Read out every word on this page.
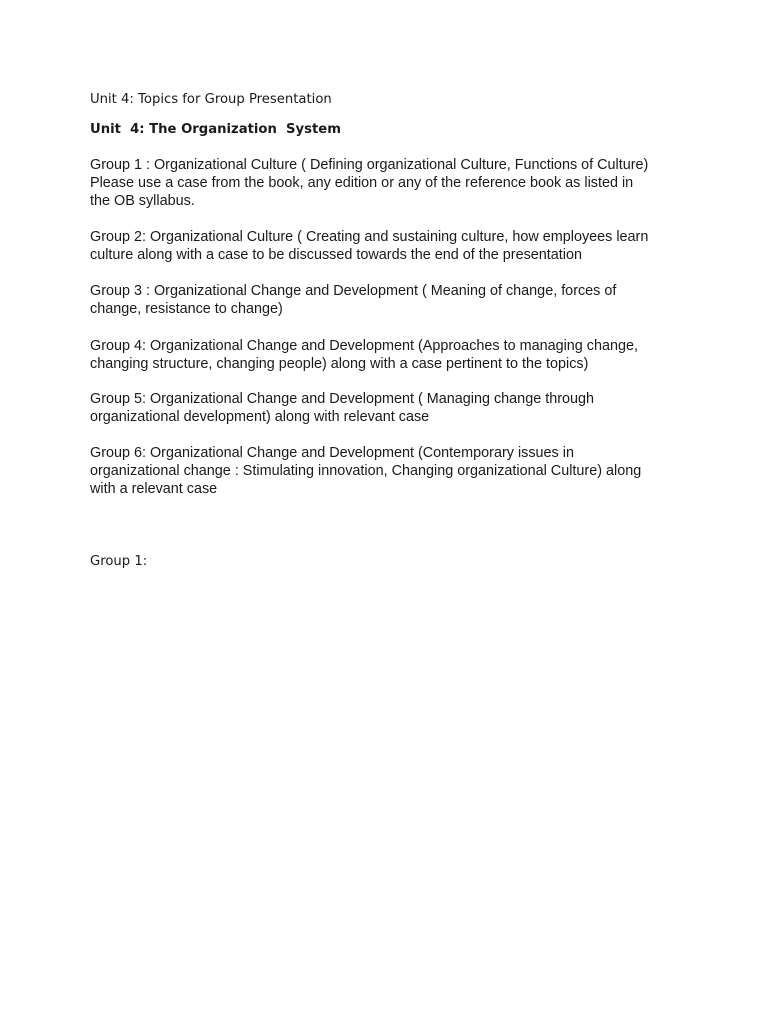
Unit 4: Topics for Group Presentation

Unit  4: The Organization  System

Group 1 : Organizational Culture ( Defining organizational Culture, Functions of Culture)
Please use a case from the book, any edition or any of the reference book as listed in
the OB syllabus.

Group 2: Organizational Culture ( Creating and sustaining culture, how employees learn
culture along with a case to be discussed towards the end of the presentation

Group 3 : Organizational Change and Development ( Meaning of change, forces of
change, resistance to change)

Group 4: Organizational Change and Development (Approaches to managing change,
changing structure, changing people) along with a case pertinent to the topics)

Group 5: Organizational Change and Development ( Managing change through
organizational development) along with relevant case

Group 6: Organizational Change and Development (Contemporary issues in
organizational change : Stimulating innovation, Changing organizational Culture) along
with a relevant case

Group 1:
